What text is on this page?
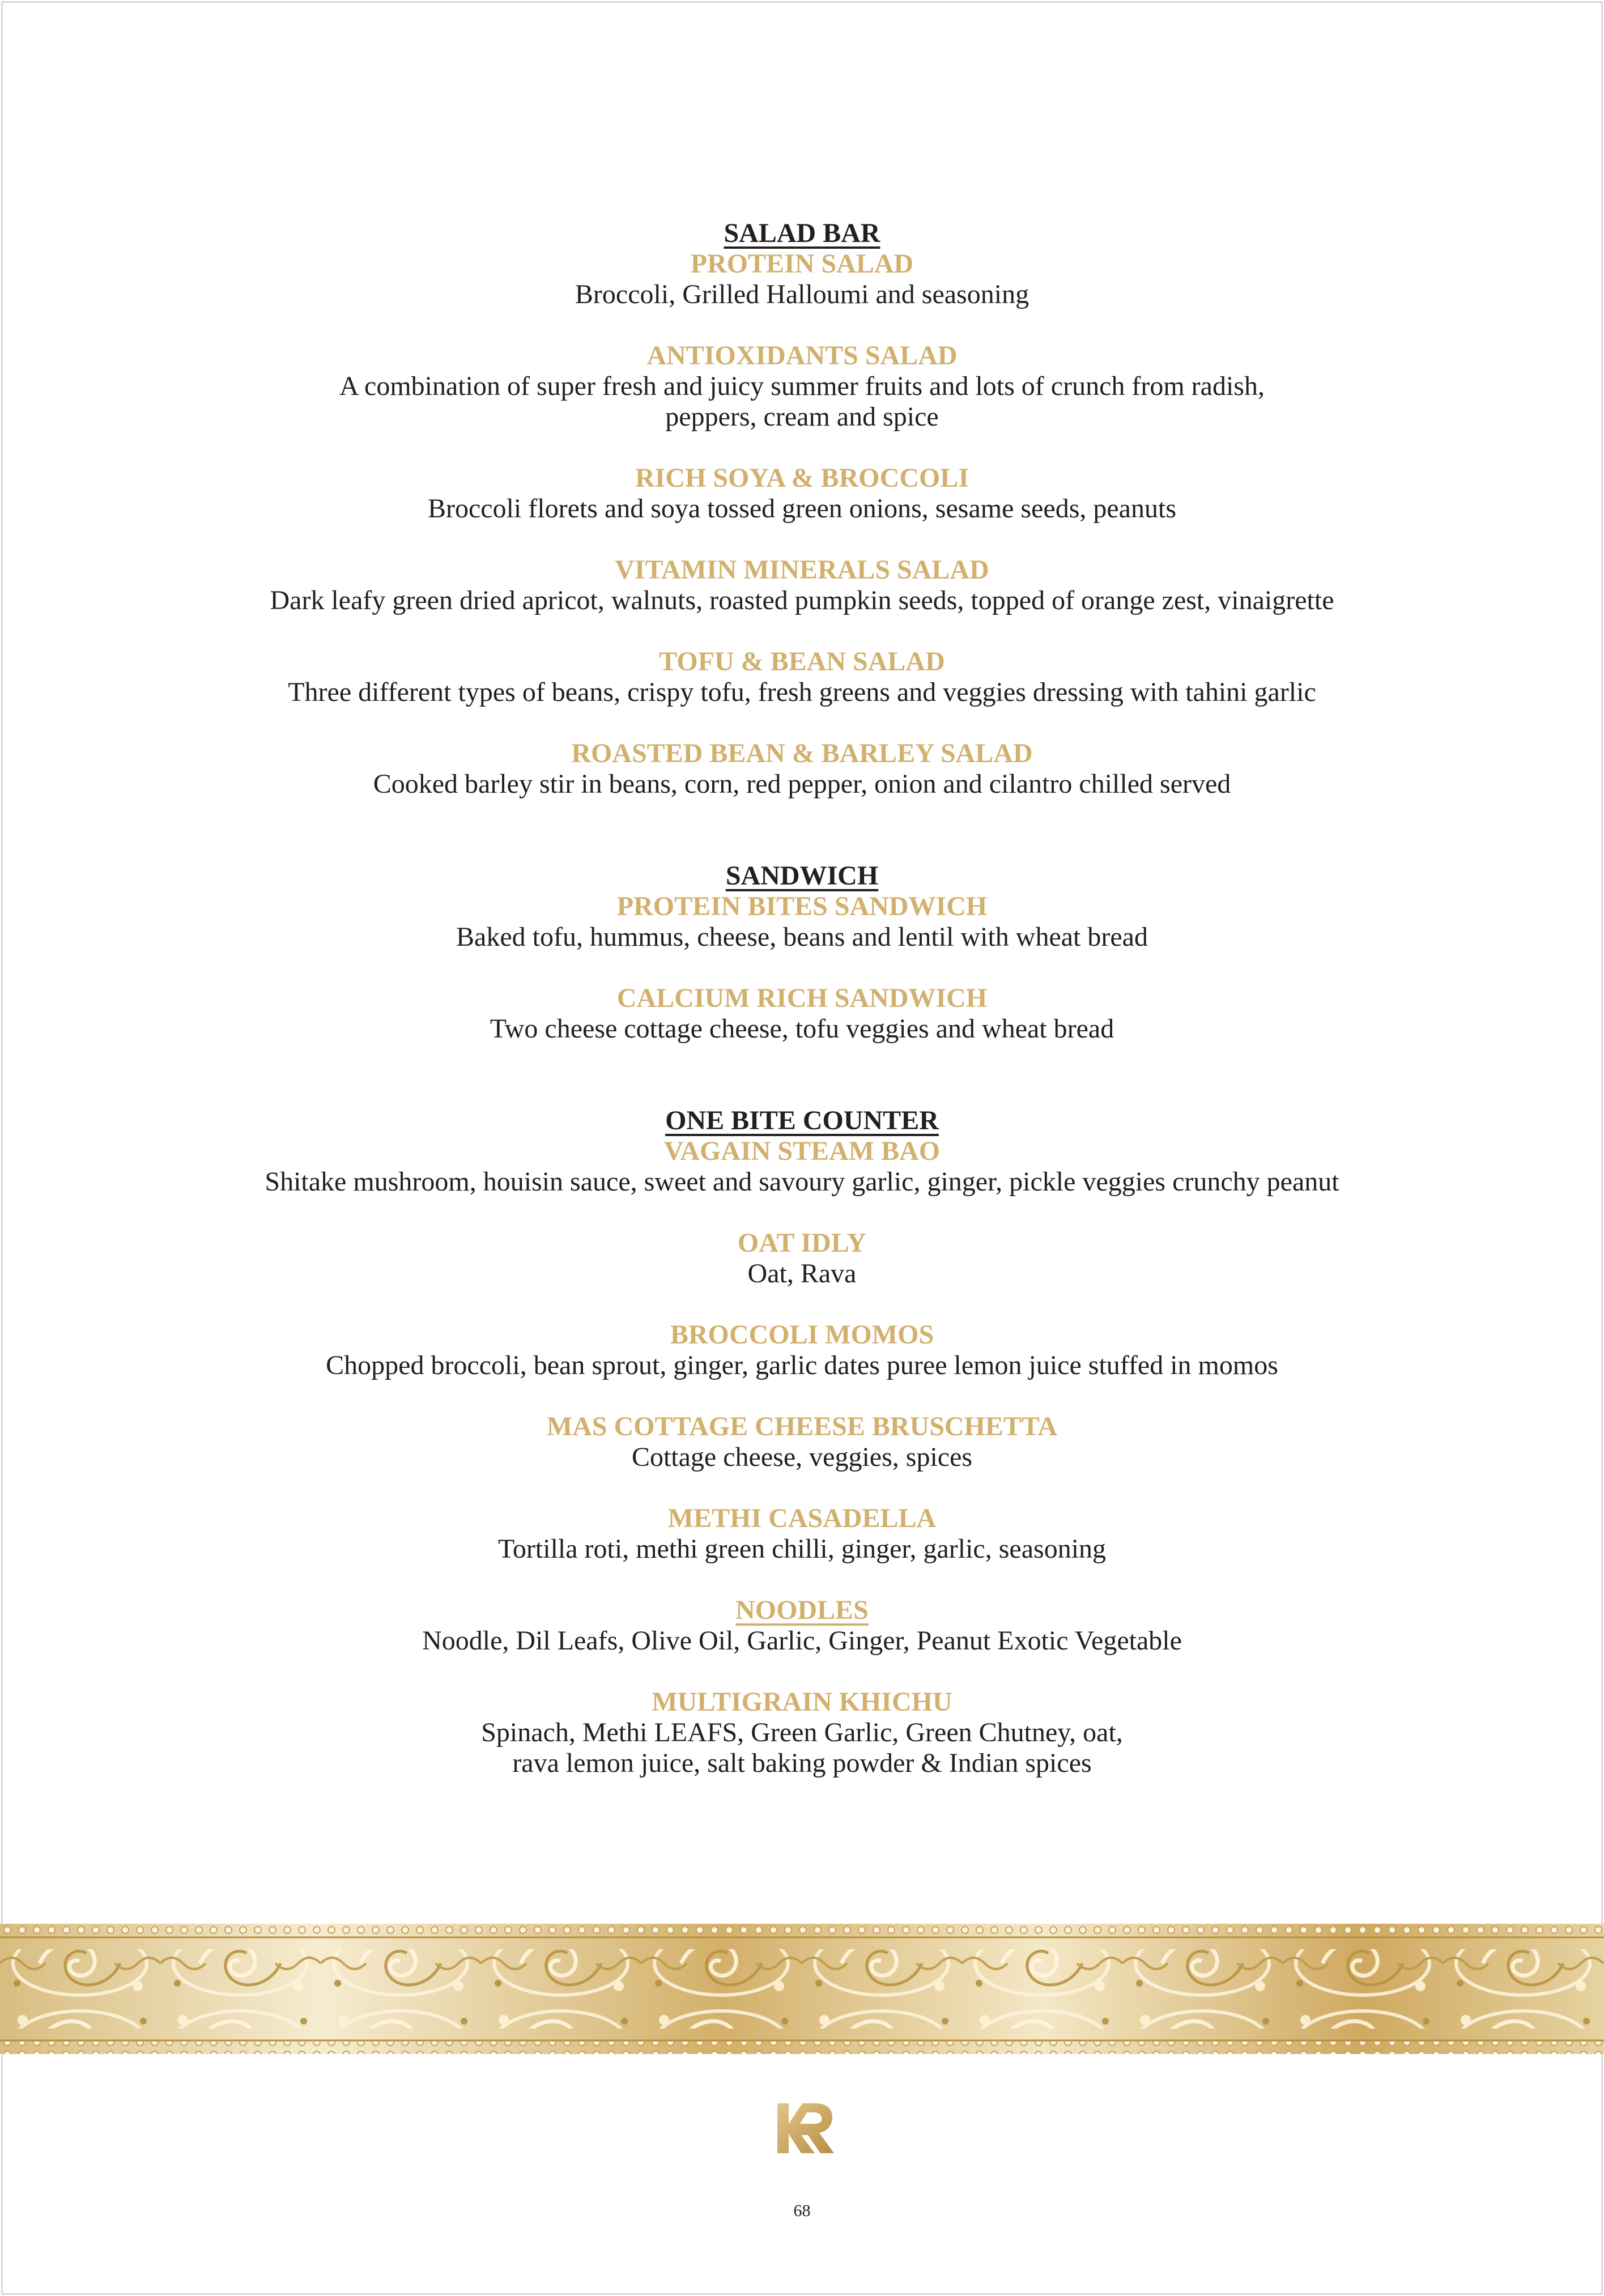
SALAD BAR
PROTEIN SALAD
Broccoli, Grilled Halloumi and seasoning
ANTIOXIDANTS SALAD
A combination of super fresh and juicy summer fruits and lots of crunch from radish,
peppers, cream and spice
RICH SOYA & BROCCOLI
Broccoli florets and soya tossed green onions, sesame seeds, peanuts
VITAMIN MINERALS SALAD
Dark leafy green dried apricot, walnuts, roasted pumpkin seeds, topped of orange zest, vinaigrette
TOFU & BEAN SALAD
Three different types of beans, crispy tofu, fresh greens and veggies dressing with tahini garlic
ROASTED BEAN & BARLEY SALAD
Cooked barley stir in beans, corn, red pepper, onion and cilantro chilled served
SANDWICH
PROTEIN BITES SANDWICH
Baked tofu, hummus, cheese, beans and lentil with wheat bread
CALCIUM RICH SANDWICH
Two cheese cottage cheese, tofu veggies and wheat bread
ONE BITE COUNTER
VAGAIN STEAM BAO
Shitake mushroom, houisin sauce, sweet and savoury garlic, ginger, pickle veggies crunchy peanut
OAT IDLY
Oat, Rava
BROCCOLI MOMOS
Chopped broccoli, bean sprout, ginger, garlic dates puree lemon juice stuffed in momos
MAS COTTAGE CHEESE BRUSCHETTA
Cottage cheese, veggies, spices
METHI CASADELLA
Tortilla roti, methi green chilli, ginger, garlic, seasoning
NOODLES
Noodle, Dil Leafs, Olive Oil, Garlic, Ginger, Peanut Exotic Vegetable
MULTIGRAIN KHICHU
Spinach, Methi LEAFS, Green Garlic, Green Chutney, oat,
rava lemon juice, salt baking powder & Indian spices
68
